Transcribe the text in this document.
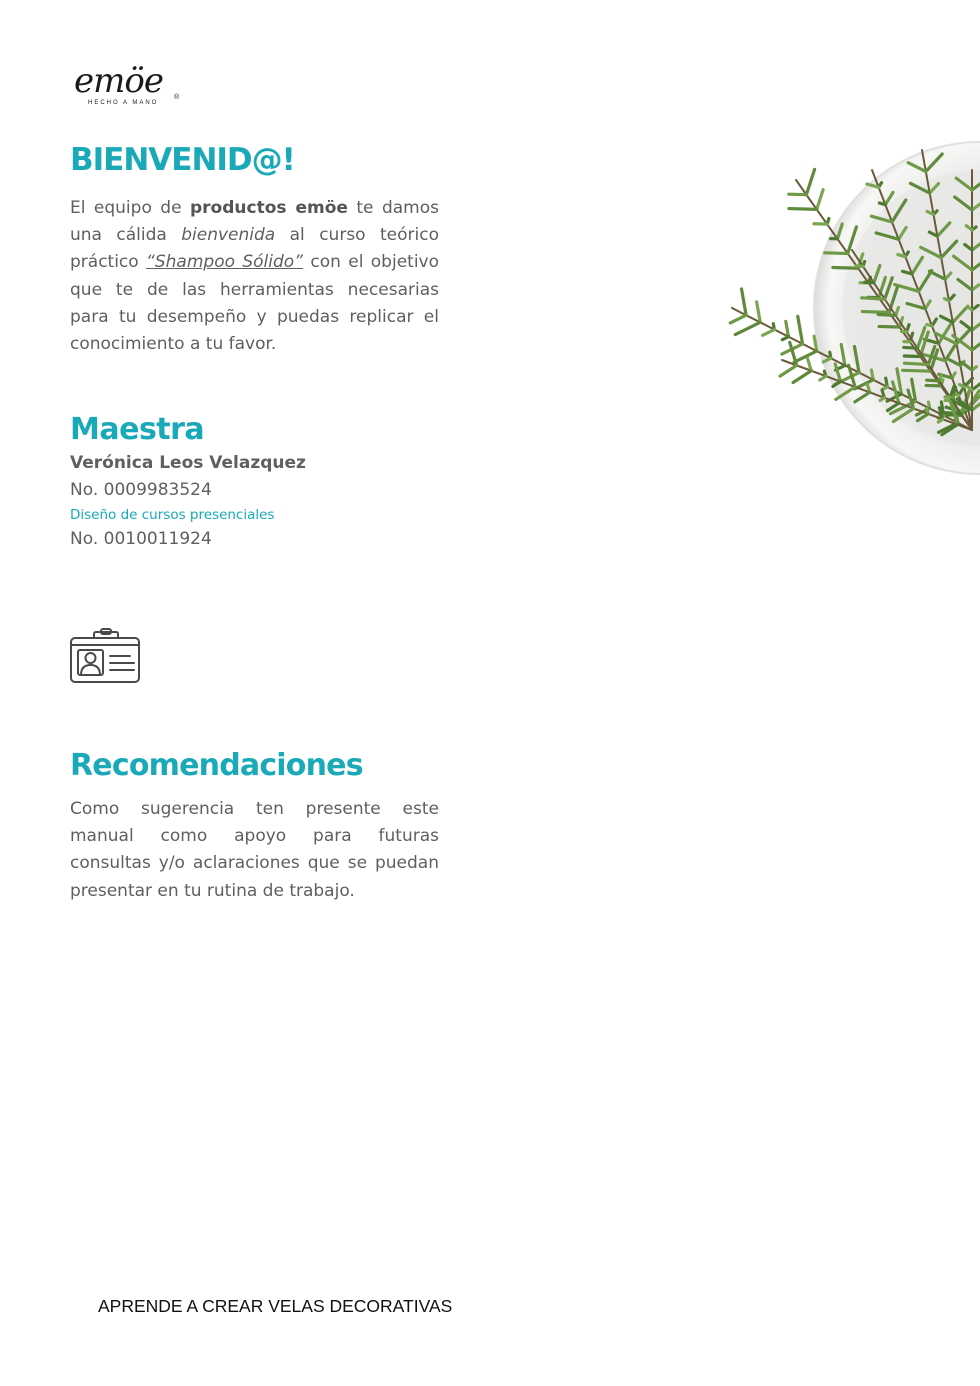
emöe
HECHO A MANO
®
BIENVENID@!

El equipo de productos emöe te damos una cálida bienvenida al curso teórico práctico “Shampoo Sólido” con el objetivo que te de las herramientas necesarias para tu desempeño y puedas replicar el conocimiento a tu favor.

Maestra
Verónica Leos Velazquez
No. 0009983524
Diseño de cursos presenciales
No. 0010011924
Recomendaciones

Como sugerencia ten presente este manual como apoyo para futuras consultas y/o aclaraciones que se puedan presentar en tu rutina de trabajo.

APRENDE A CREAR VELAS DECORATIVAS
